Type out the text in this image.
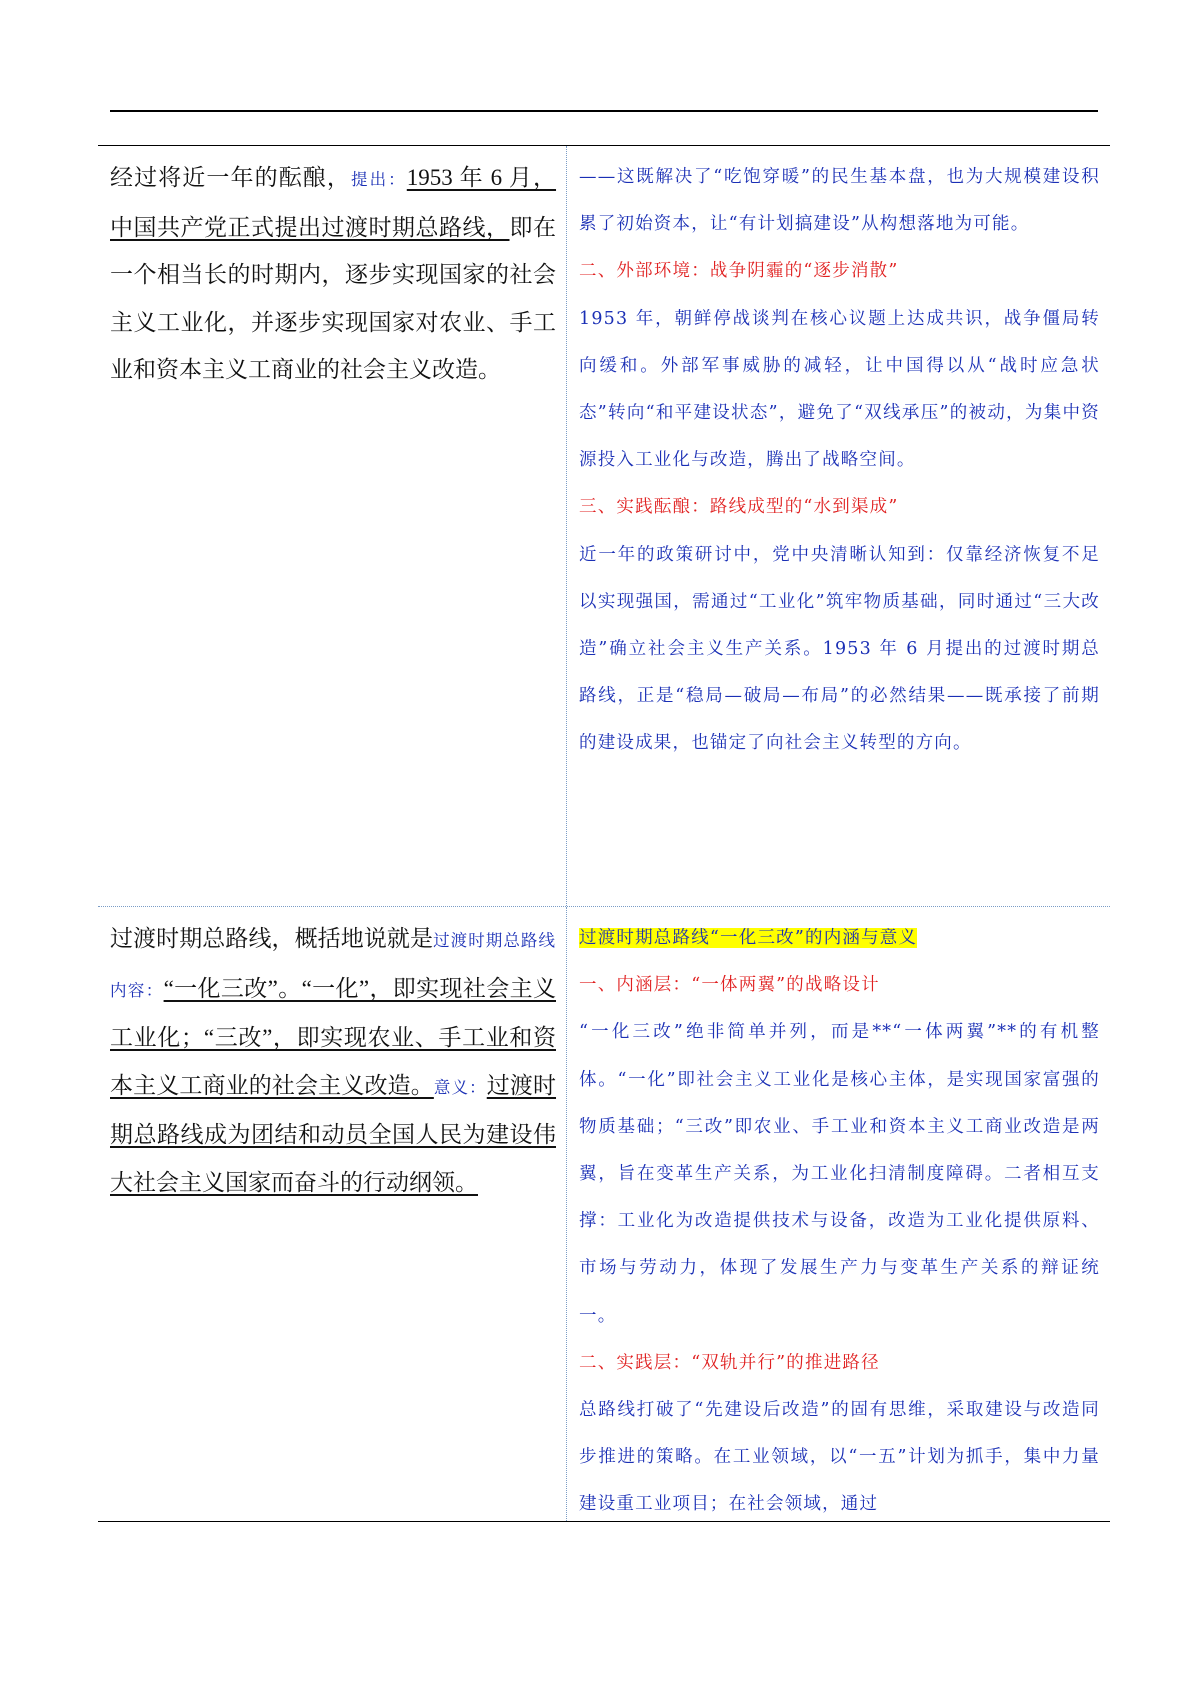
经过将近一年的酝酿，提出：1953 年 6 月，中国共产党正式提出过渡时期总路线，即在一个相当长的时期内，逐步实现国家的社会主义工业化，并逐步实现国家对农业、手工业和资本主义工商业的社会主义改造。
——这既解决了“吃饱穿暖”的民生基本盘，也为大规模建设积累了初始资本，让“有计划搞建设”从构想落地为可能。
二、外部环境：战争阴霾的“逐步消散”
1953 年，朝鲜停战谈判在核心议题上达成共识，战争僵局转向缓和。外部军事威胁的减轻，让中国得以从“战时应急状态”转向“和平建设状态”，避免了“双线承压”的被动，为集中资源投入工业化与改造，腾出了战略空间。
三、实践酝酿：路线成型的“水到渠成”
近一年的政策研讨中，党中央清晰认知到：仅靠经济恢复不足以实现强国，需通过“工业化”筑牢物质基础，同时通过“三大改造”确立社会主义生产关系。1953 年 6 月提出的过渡时期总路线，正是“稳局—破局—布局”的必然结果——既承接了前期的建设成果，也锚定了向社会主义转型的方向。
过渡时期总路线，概括地说就是过渡时期总路线内容：“一化三改”。“一化”，即实现社会主义工业化；“三改”，即实现农业、手工业和资本主义工商业的社会主义改造。意义：过渡时期总路线成为团结和动员全国人民为建设伟大社会主义国家而奋斗的行动纲领。
过渡时期总路线“一化三改”的内涵与意义
一、内涵层：“一体两翼”的战略设计
“一化三改”绝非简单并列，而是**“一体两翼”**的有机整体。“一化”即社会主义工业化是核心主体，是实现国家富强的物质基础；“三改”即农业、手工业和资本主义工商业改造是两翼，旨在变革生产关系，为工业化扫清制度障碍。二者相互支撑：工业化为改造提供技术与设备，改造为工业化提供原料、市场与劳动力，体现了发展生产力与变革生产关系的辩证统一。
二、实践层：“双轨并行”的推进路径
总路线打破了“先建设后改造”的固有思维，采取建设与改造同步推进的策略。在工业领域，以“一五”计划为抓手，集中力量建设重工业项目；在社会领域，通过
